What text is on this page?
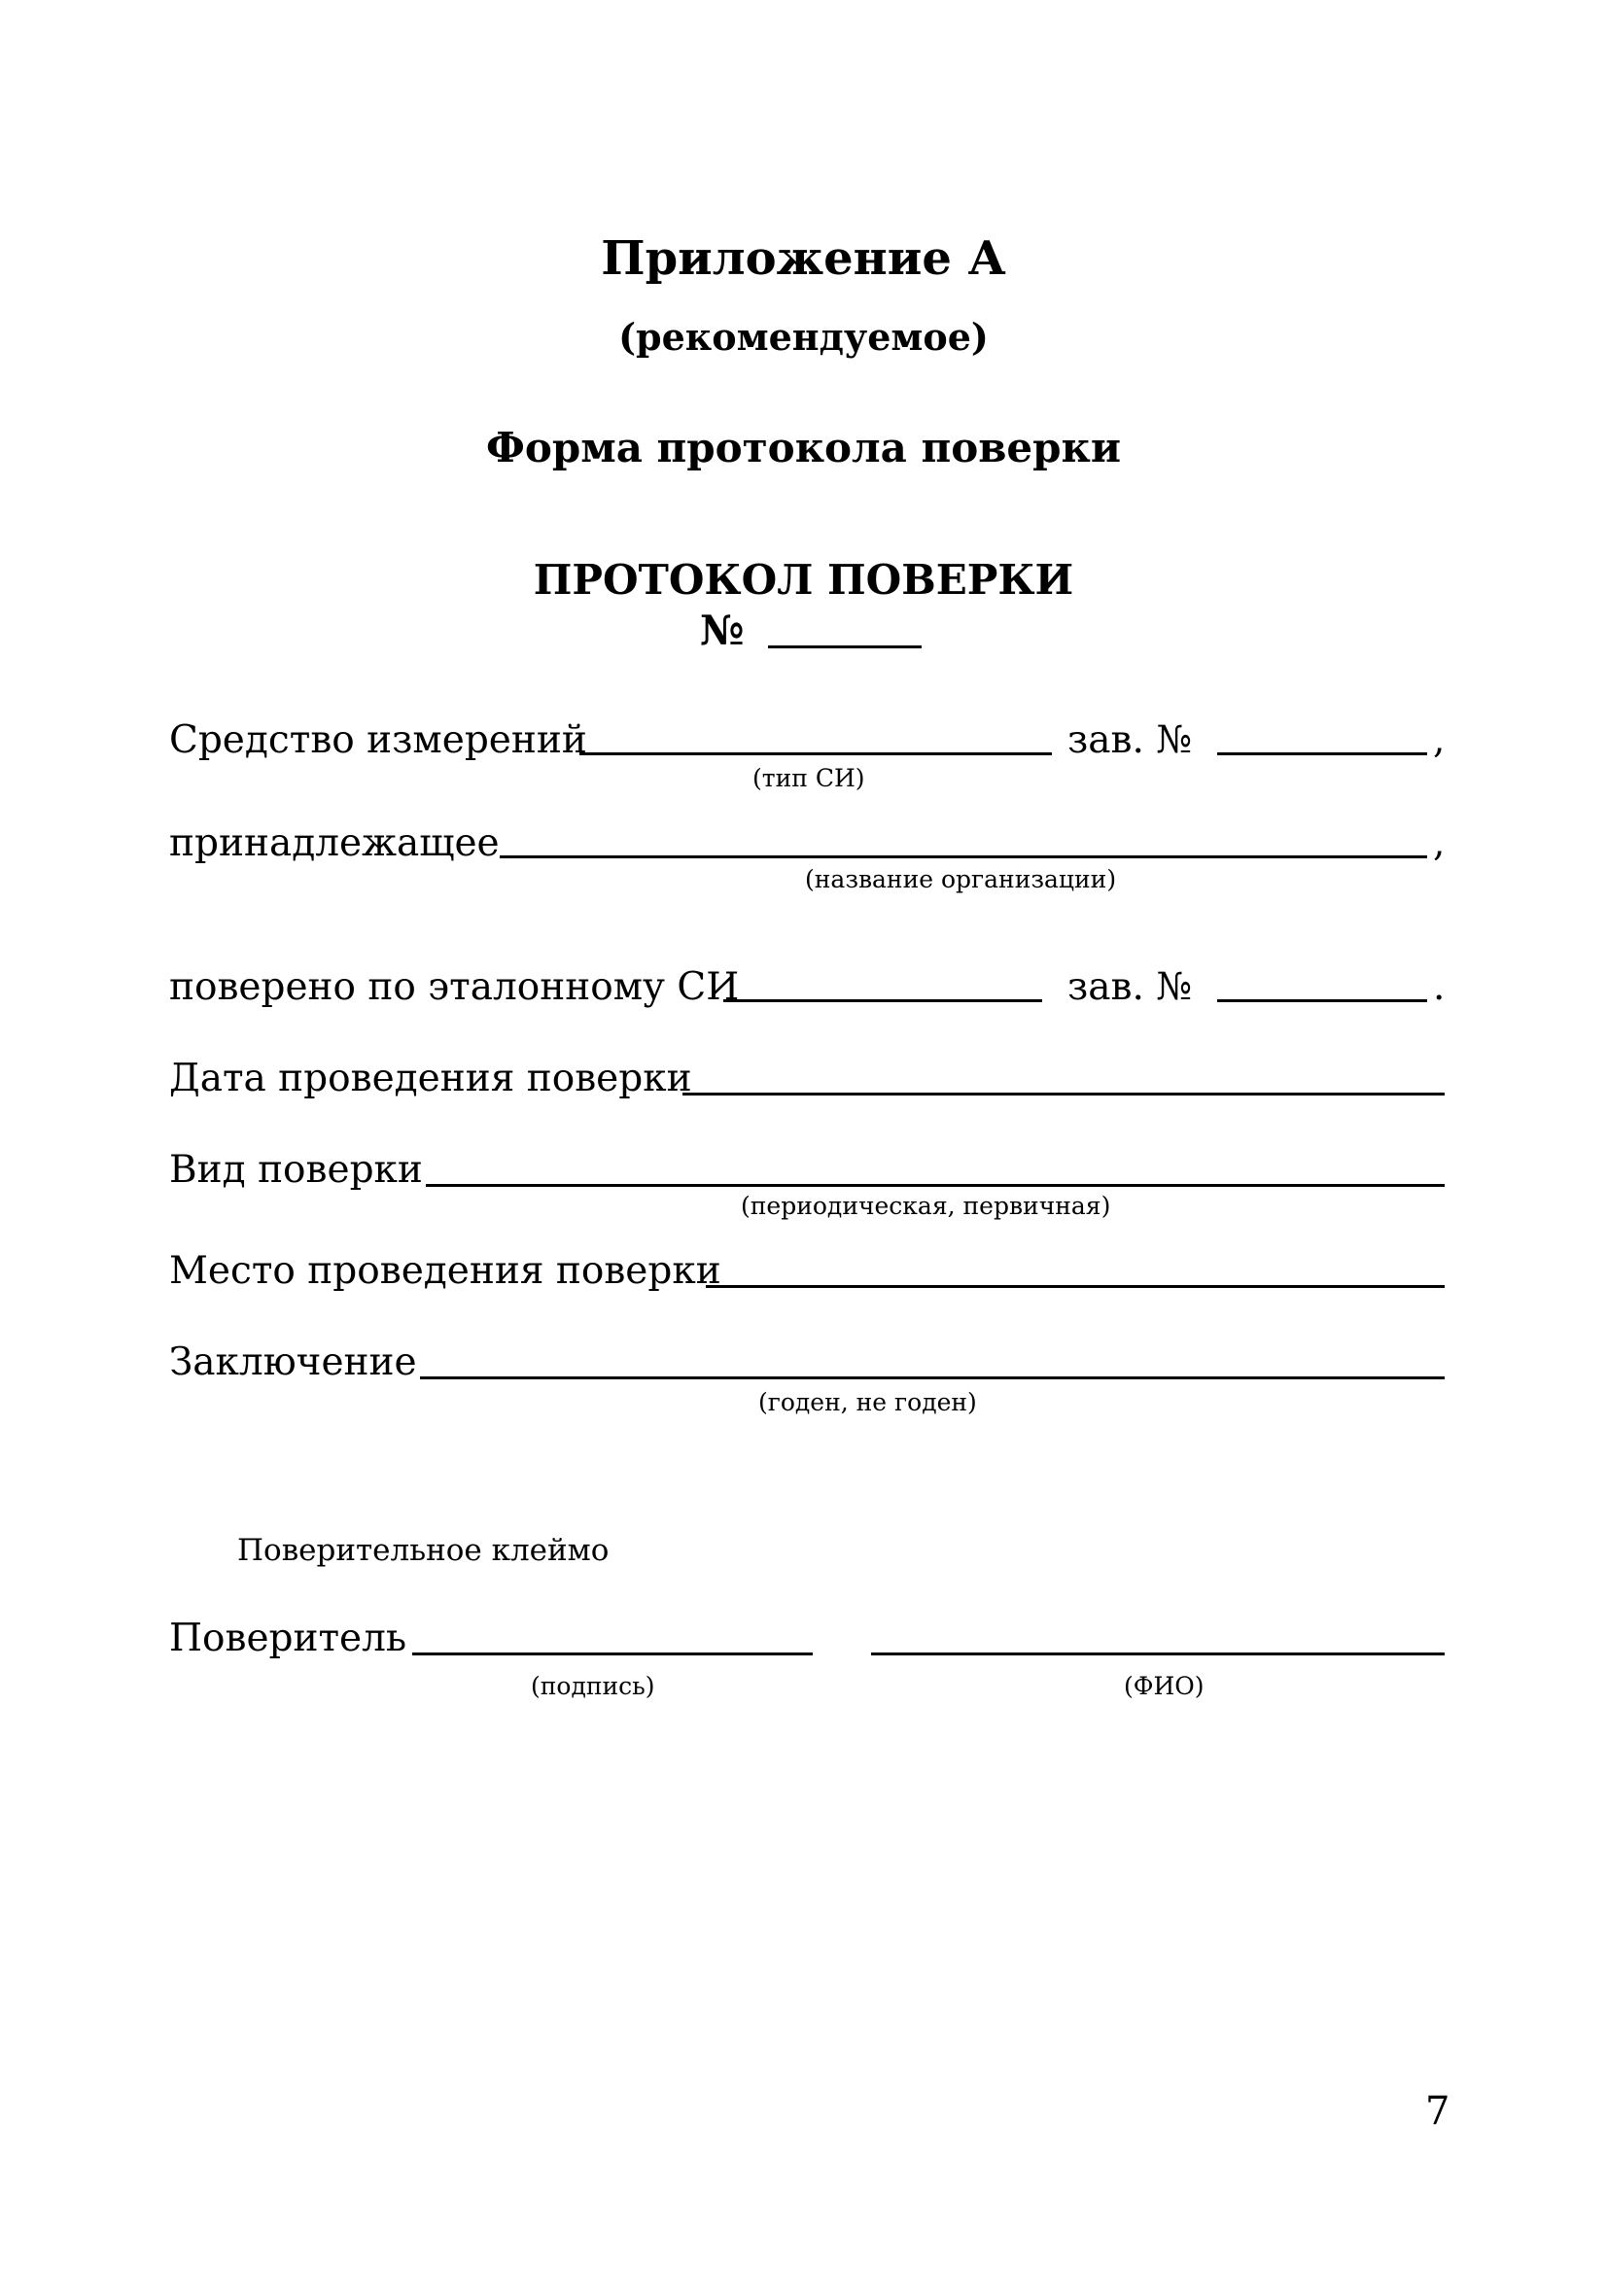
Приложение А
(рекомендуемое)
Форма протокола поверки
ПРОТОКОЛ ПОВЕРКИ
№
Средство измерений	зав. №	,
(тип СИ)
принадлежащее	,
(название организации)
поверено по эталонному СИ	зав. №	.
Дата проведения поверки
Вид поверки
(периодическая, первичная)
Место проведения поверки
Заключение
(годен, не годен)
Поверительное клеймо
Поверитель
(подпись)	(ФИО)
7
